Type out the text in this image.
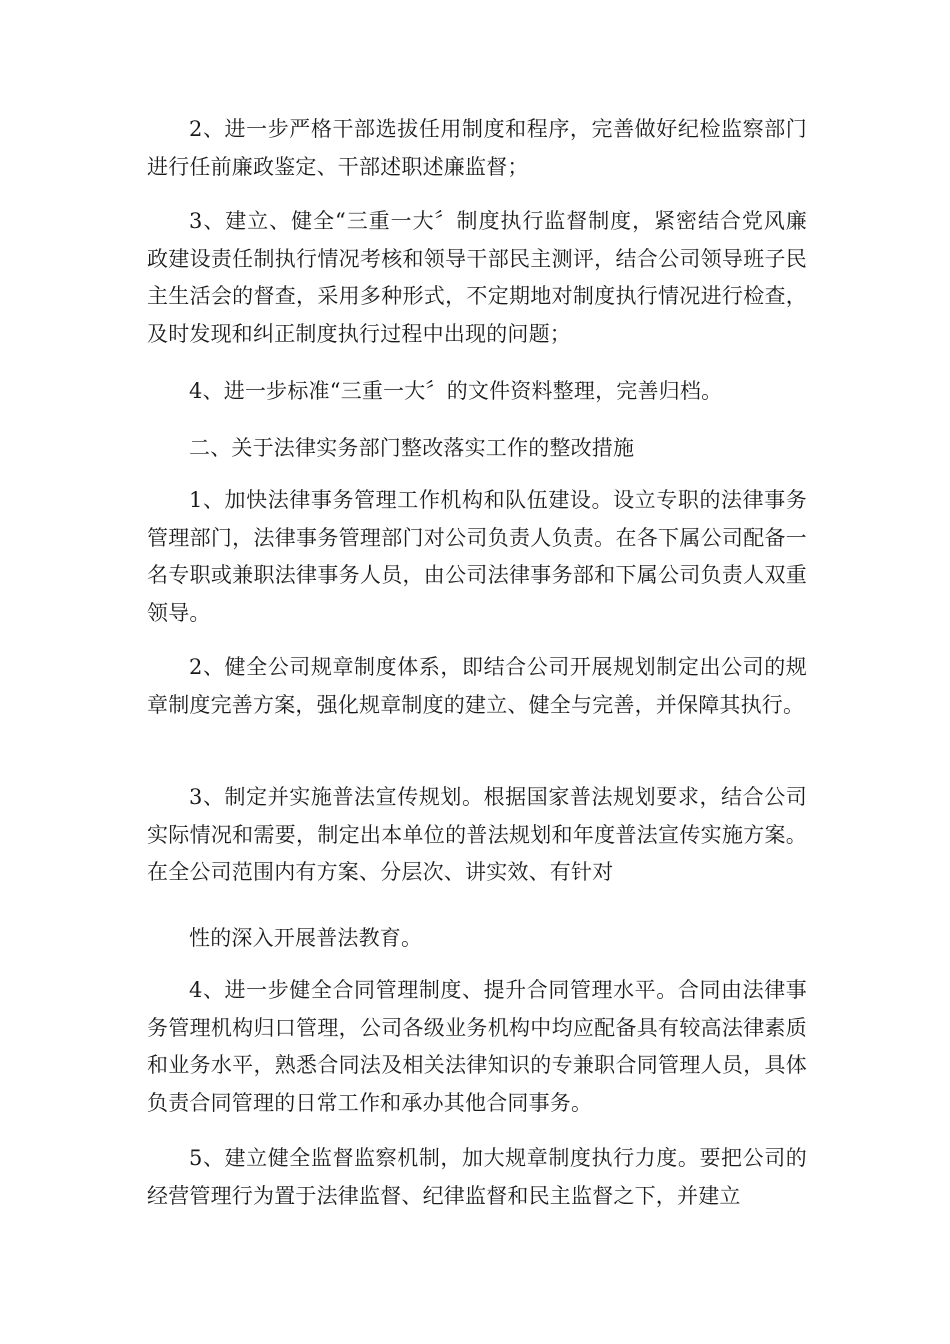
2、进一步严格干部选拔任用制度和程序，完善做好纪检监察部门进行任前廉政鉴定、干部述职述廉监督；

3、建立、健全“三重一大〞制度执行监督制度，紧密结合党风廉政建设责任制执行情况考核和领导干部民主测评，结合公司领导班子民主生活会的督查，采用多种形式，不定期地对制度执行情况进行检查，及时发现和纠正制度执行过程中出现的问题；

4、进一步标准“三重一大〞的文件资料整理，完善归档。

二、关于法律实务部门整改落实工作的整改措施

1、加快法律事务管理工作机构和队伍建设。设立专职的法律事务管理部门，法律事务管理部门对公司负责人负责。在各下属公司配备一名专职或兼职法律事务人员，由公司法律事务部和下属公司负责人双重领导。

2、健全公司规章制度体系，即结合公司开展规划制定出公司的规章制度完善方案，强化规章制度的建立、健全与完善，并保障其执行。

3、制定并实施普法宣传规划。根据国家普法规划要求，结合公司实际情况和需要，制定出本单位的普法规划和年度普法宣传实施方案。在全公司范围内有方案、分层次、讲实效、有针对

性的深入开展普法教育。

4、进一步健全合同管理制度、提升合同管理水平。合同由法律事务管理机构归口管理，公司各级业务机构中均应配备具有较高法律素质和业务水平，熟悉合同法及相关法律知识的专兼职合同管理人员，具体负责合同管理的日常工作和承办其他合同事务。

5、建立健全监督监察机制，加大规章制度执行力度。要把公司的经营管理行为置于法律监督、纪律监督和民主监督之下，并建立
